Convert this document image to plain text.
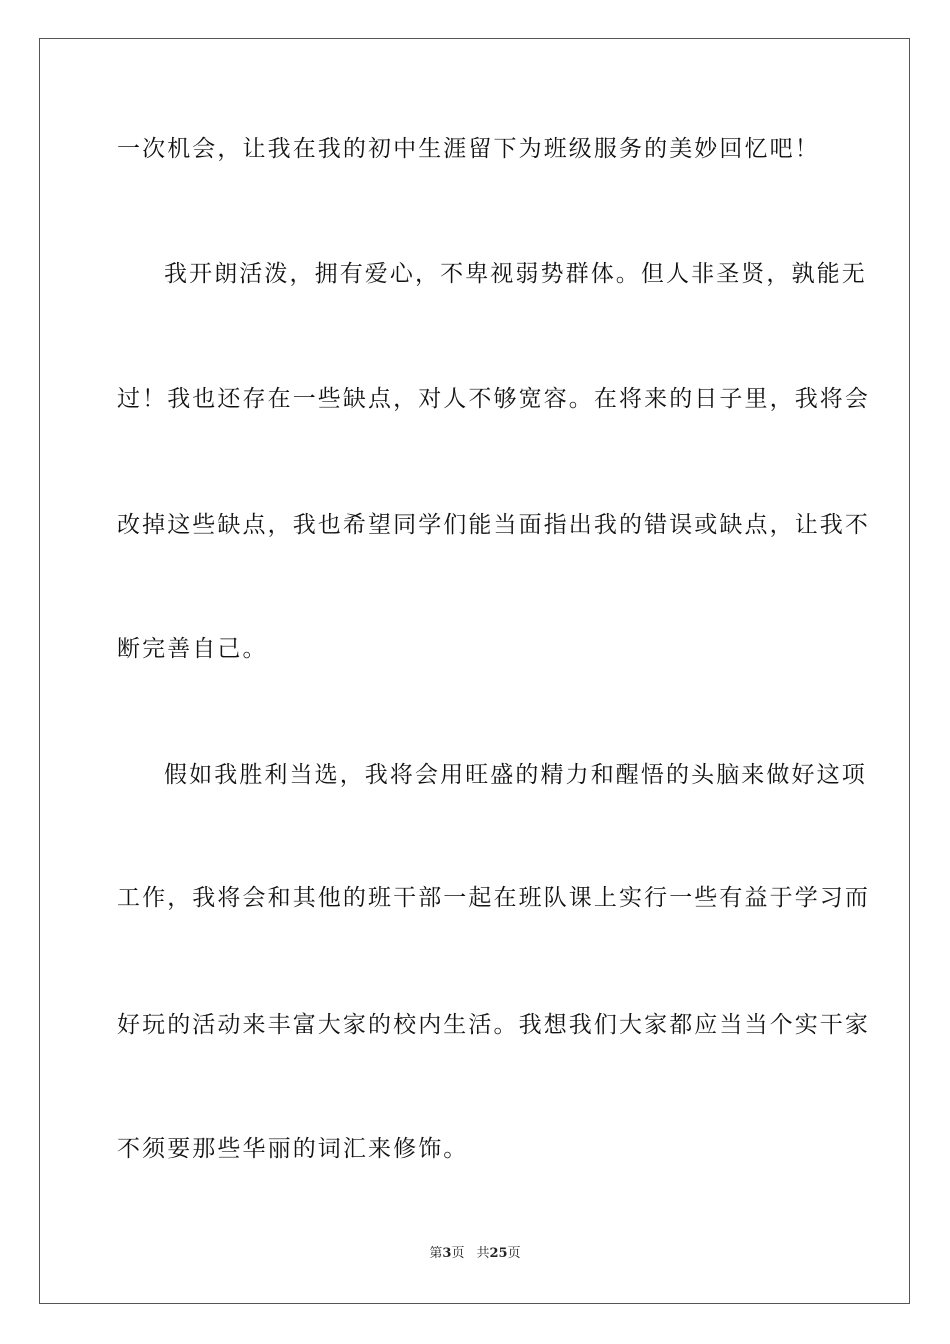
一次机会，让我在我的初中生涯留下为班级服务的美妙回忆吧！
我开朗活泼，拥有爱心，不卑视弱势群体。但人非圣贤，孰能无
过！我也还存在一些缺点，对人不够宽容。在将来的日子里，我将会
改掉这些缺点，我也希望同学们能当面指出我的错误或缺点，让我不
断完善自己。
假如我胜利当选，我将会用旺盛的精力和醒悟的头脑来做好这项
工作，我将会和其他的班干部一起在班队课上实行一些有益于学习而
好玩的活动来丰富大家的校内生活。我想我们大家都应当当个实干家
不须要那些华丽的词汇来修饰。
第3页 共25页
